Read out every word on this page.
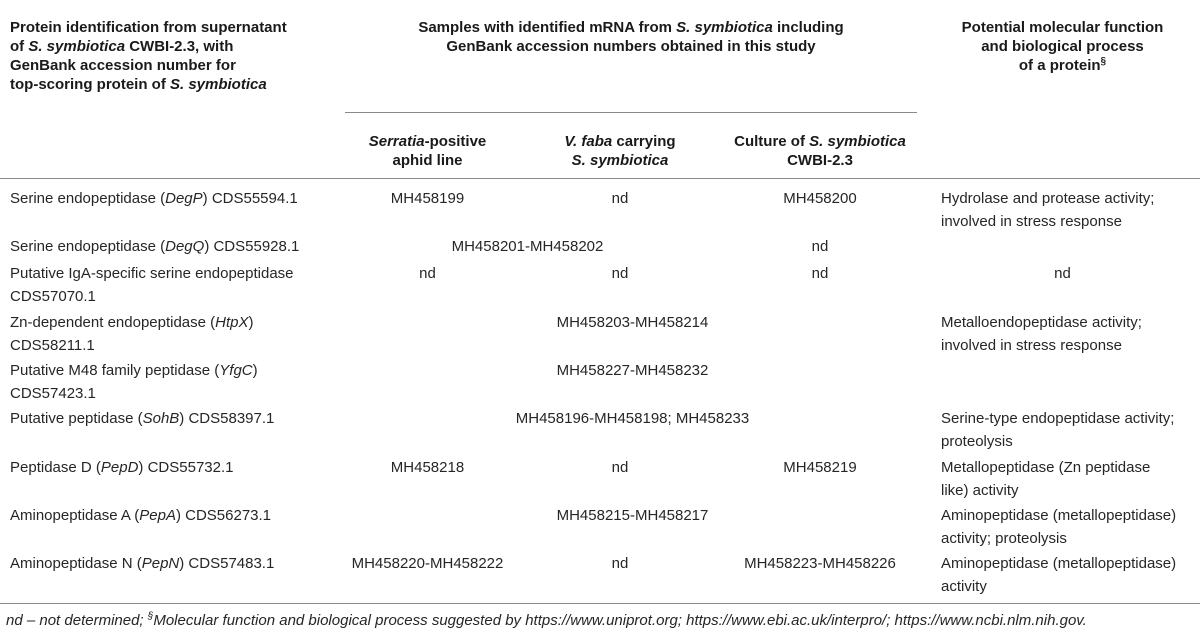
Protein identification from supernatant
of S. symbiotica CWBI-2.3, with
GenBank accession number for
top-scoring protein of S. symbiotica
Samples with identified mRNA from S. symbiotica including
GenBank accession numbers obtained in this study
Potential molecular function
and biological process
of a protein§
Serratia-positive
aphid line
V. faba carrying
S. symbiotica
Culture of S. symbiotica
CWBI-2.3
Serine endopeptidase (DegP) CDS55594.1	MH458199	nd	MH458200	Hydrolase and protease activity;
involved in stress response
Serine endopeptidase (DegQ) CDS55928.1	MH458201-MH458202	nd
Putative IgA-specific serine endopeptidase
CDS57070.1
nd	nd	nd	nd
Zn-dependent endopeptidase (HtpX)
CDS58211.1
MH458203-MH458214	Metalloendopeptidase activity;
involved in stress response
Putative M48 family peptidase (YfgC)
CDS57423.1
MH458227-MH458232
Putative peptidase (SohB) CDS58397.1	MH458196-MH458198; MH458233	Serine-type endopeptidase activity;
proteolysis
Peptidase D (PepD) CDS55732.1	MH458218	nd	MH458219	Metallopeptidase (Zn peptidase
like) activity
Aminopeptidase A (PepA) CDS56273.1	MH458215-MH458217	Aminopeptidase (metallopeptidase)
activity; proteolysis
Aminopeptidase N (PepN) CDS57483.1	MH458220-MH458222	nd	MH458223-MH458226	Aminopeptidase (metallopeptidase)
activity
nd – not determined; §Molecular function and biological process suggested by https://www.uniprot.org; https://www.ebi.ac.uk/interpro/; https://www.ncbi.nlm.nih.gov.
